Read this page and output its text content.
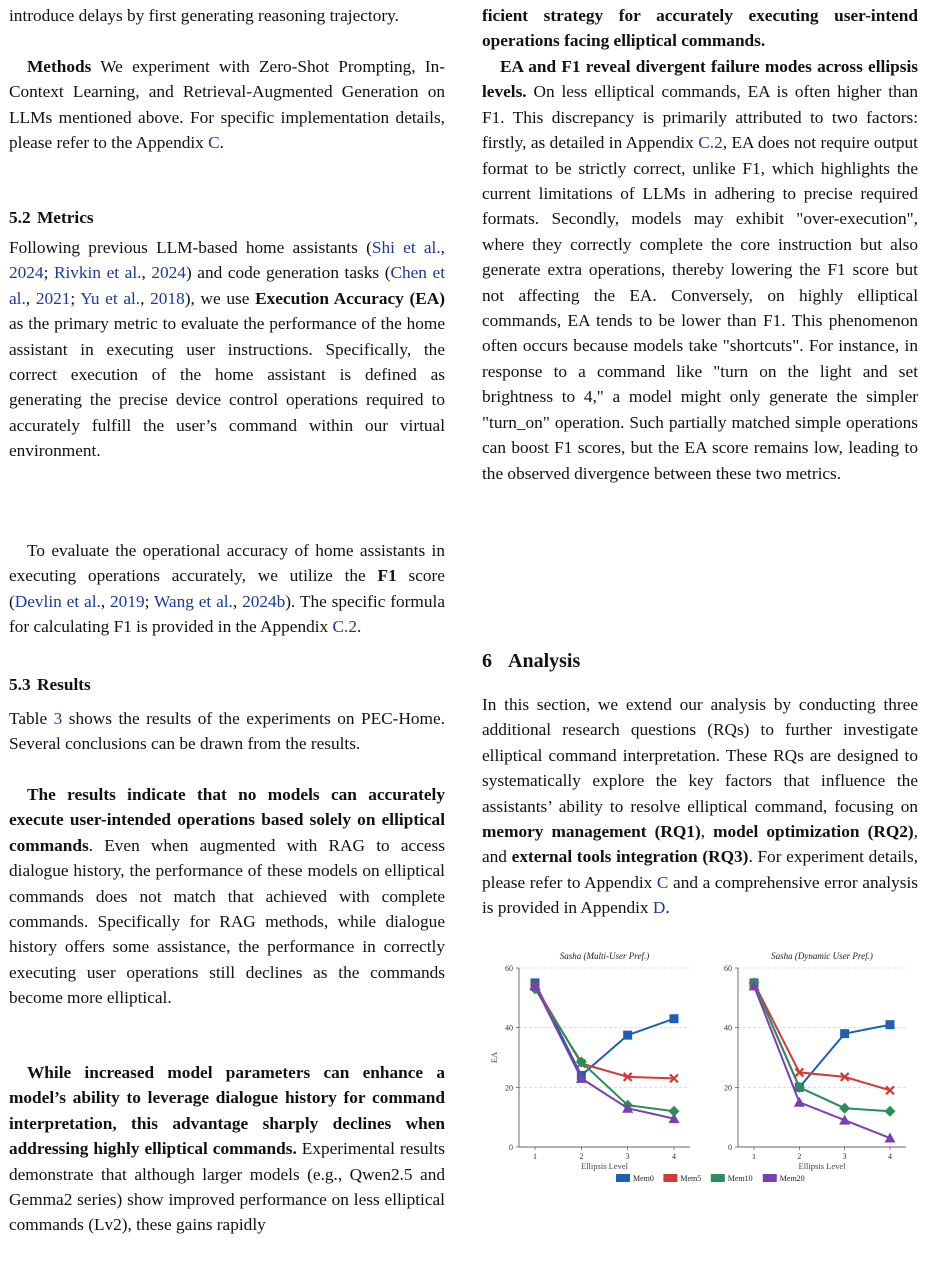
introduce delays by first generating reasoning trajectory.

Methods We experiment with Zero-Shot Prompting, In-Context Learning, and Retrieval-Augmented Generation on LLMs mentioned above. For specific implementation details, please refer to the Appendix C.

5.2 Metrics

Following previous LLM-based home assistants (Shi et al., 2024; Rivkin et al., 2024) and code generation tasks (Chen et al., 2021; Yu et al., 2018), we use Execution Accuracy (EA) as the primary metric to evaluate the performance of the home assistant in executing user instructions. Specifically, the correct execution of the home assistant is defined as generating the precise device control operations required to accurately fulfill the user’s command within our virtual environment.

To evaluate the operational accuracy of home assistants in executing operations accurately, we utilize the F1 score (Devlin et al., 2019; Wang et al., 2024b). The specific formula for calculating F1 is provided in the Appendix C.2.

5.3 Results

Table 3 shows the results of the experiments on PEC-Home. Several conclusions can be drawn from the results.

The results indicate that no models can accurately execute user-intended operations based solely on elliptical commands. Even when augmented with RAG to access dialogue history, the performance of these models on elliptical commands does not match that achieved with complete commands. Specifically for RAG methods, while dialogue history offers some assistance, the performance in correctly executing user operations still declines as the commands become more elliptical.

While increased model parameters can enhance a model’s ability to leverage dialogue history for command interpretation, this advantage sharply declines when addressing highly elliptical commands. Experimental results demonstrate that although larger models (e.g., Qwen2.5 and Gemma2 series) show improved performance on less elliptical commands (Lv2), these gains rapidly

ficient strategy for accurately executing user-intend operations facing elliptical commands.

EA and F1 reveal divergent failure modes across ellipsis levels. On less elliptical commands, EA is often higher than F1. This discrepancy is primarily attributed to two factors: firstly, as detailed in Appendix C.2, EA does not require output format to be strictly correct, unlike F1, which highlights the current limitations of LLMs in adhering to precise required formats. Secondly, models may exhibit "over-execution", where they correctly complete the core instruction but also generate extra operations, thereby lowering the F1 score but not affecting the EA. Conversely, on highly elliptical commands, EA tends to be lower than F1. This phenomenon often occurs because models take "shortcuts". For instance, in response to a command like "turn on the light and set brightness to 4," a model might only generate the simpler "turn_on" operation. Such partially matched simple operations can boost F1 scores, but the EA score remains low, leading to the observed divergence between these two metrics.

6 Analysis

In this section, we extend our analysis by conducting three additional research questions (RQs) to further investigate elliptical command interpretation. These RQs are designed to systematically explore the key factors that influence the assistants’ ability to resolve elliptical command, focusing on memory management (RQ1), model optimization (RQ2), and external tools integration (RQ3). For experiment details, please refer to Appendix C and a comprehensive error analysis is provided in Appendix D.

0
20
40
60
1	2	3	4
Sasha (Multi-User Pref.)
Ellipsis Level
EA
0
20
40
60
1	2	3	4
Sasha (Dynamic User Pref.)
Ellipsis Level
Mem0	Mem5	Mem10	Mem20
